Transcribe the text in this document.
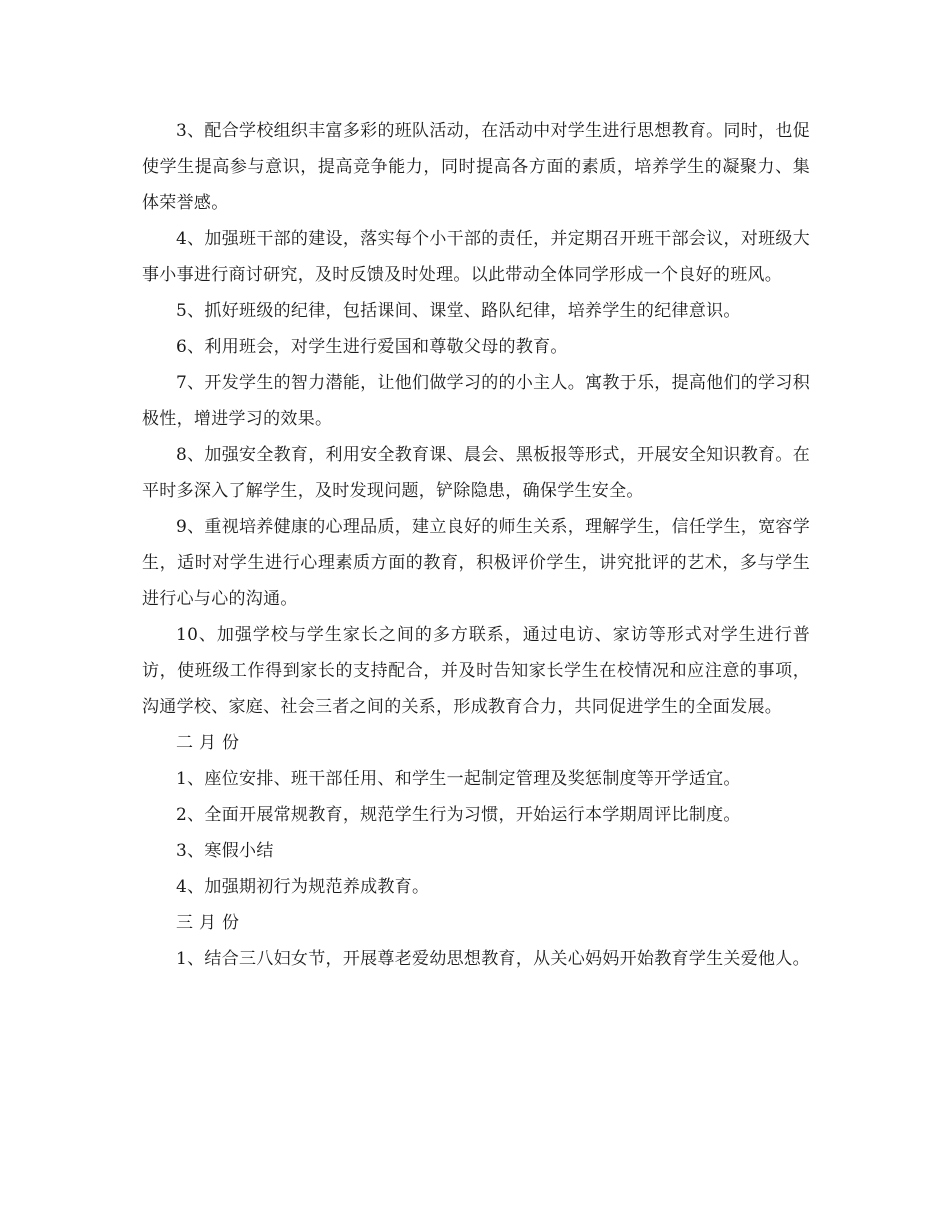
3、配合学校组织丰富多彩的班队活动，在活动中对学生进行思想教育。同时，也促使学生提高参与意识，提高竞争能力，同时提高各方面的素质，培养学生的凝聚力、集体荣誉感。

4、加强班干部的建设，落实每个小干部的责任，并定期召开班干部会议，对班级大事小事进行商讨研究，及时反馈及时处理。以此带动全体同学形成一个良好的班风。

5、抓好班级的纪律，包括课间、课堂、路队纪律，培养学生的纪律意识。

6、利用班会，对学生进行爱国和尊敬父母的教育。

7、开发学生的智力潜能，让他们做学习的的小主人。寓教于乐，提高他们的学习积极性，增进学习的效果。

8、加强安全教育，利用安全教育课、晨会、黑板报等形式，开展安全知识教育。在平时多深入了解学生，及时发现问题，铲除隐患，确保学生安全。

9、重视培养健康的心理品质，建立良好的师生关系，理解学生，信任学生，宽容学生，适时对学生进行心理素质方面的教育，积极评价学生，讲究批评的艺术，多与学生进行心与心的沟通。

10、加强学校与学生家长之间的多方联系，通过电访、家访等形式对学生进行普访，使班级工作得到家长的支持配合，并及时告知家长学生在校情况和应注意的事项，沟通学校、家庭、社会三者之间的关系，形成教育合力，共同促进学生的全面发展。

二 月 份

1、座位安排、班干部任用、和学生一起制定管理及奖惩制度等开学适宜。

2、全面开展常规教育，规范学生行为习惯，开始运行本学期周评比制度。

3、寒假小结

4、加强期初行为规范养成教育。

三 月 份

1、结合三八妇女节，开展尊老爱幼思想教育，从关心妈妈开始教育学生关爱他人。
